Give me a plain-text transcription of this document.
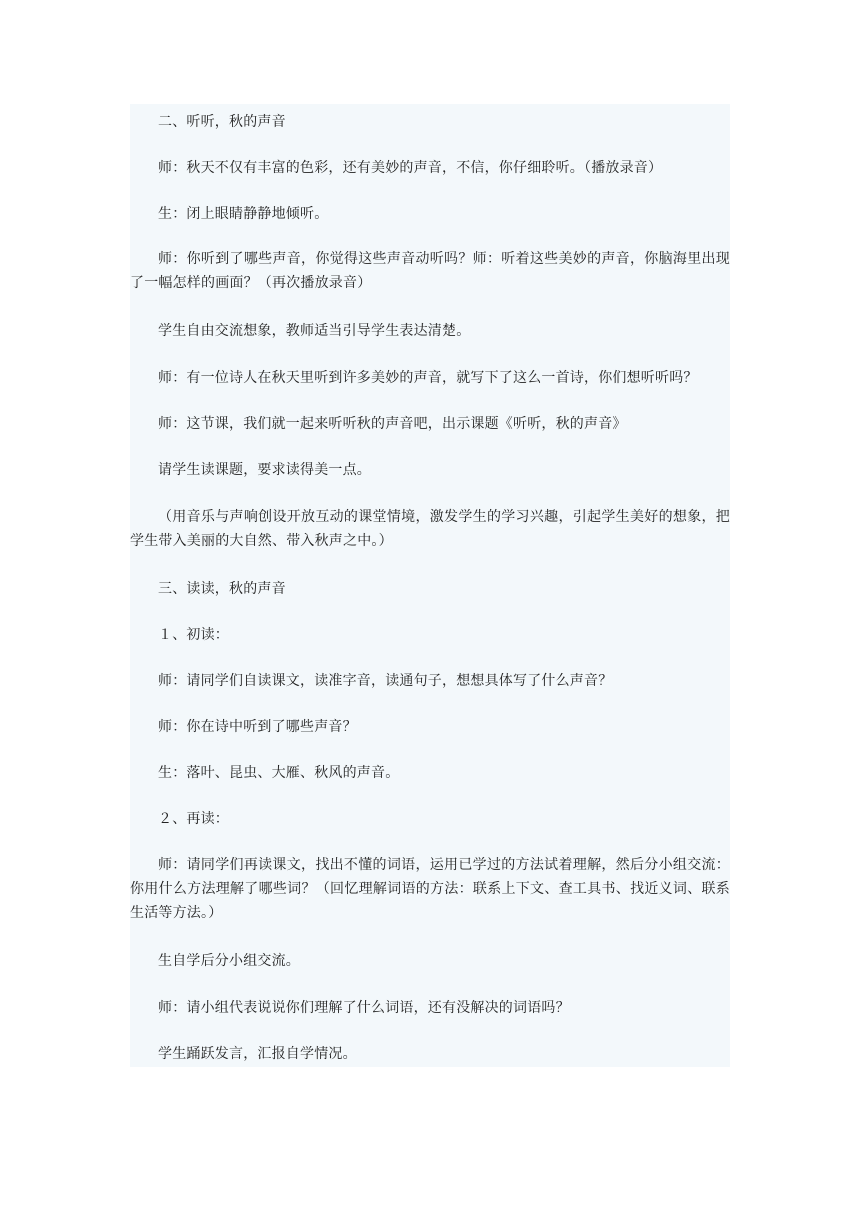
二、听听，秋的声音

师：秋天不仅有丰富的色彩，还有美妙的声音，不信，你仔细聆听。（播放录音）

生：闭上眼睛静静地倾听。

师：你听到了哪些声音，你觉得这些声音动听吗？师：听着这些美妙的声音，你脑海里出现了一幅怎样的画面？（再次播放录音）

学生自由交流想象，教师适当引导学生表达清楚。

师：有一位诗人在秋天里听到许多美妙的声音，就写下了这么一首诗，你们想听听吗？

师：这节课，我们就一起来听听秋的声音吧，出示课题《听听，秋的声音》

请学生读课题，要求读得美一点。

（用音乐与声响创设开放互动的课堂情境，激发学生的学习兴趣，引起学生美好的想象，把学生带入美丽的大自然、带入秋声之中。）

三、读读，秋的声音

１、初读：

师：请同学们自读课文，读准字音，读通句子，想想具体写了什么声音？

师：你在诗中听到了哪些声音？

生：落叶、昆虫、大雁、秋风的声音。

２、再读：

师：请同学们再读课文，找出不懂的词语，运用已学过的方法试着理解，然后分小组交流：你用什么方法理解了哪些词？（回忆理解词语的方法：联系上下文、查工具书、找近义词、联系生活等方法。）

生自学后分小组交流。

师：请小组代表说说你们理解了什么词语，还有没解决的词语吗？

学生踊跃发言，汇报自学情况。
